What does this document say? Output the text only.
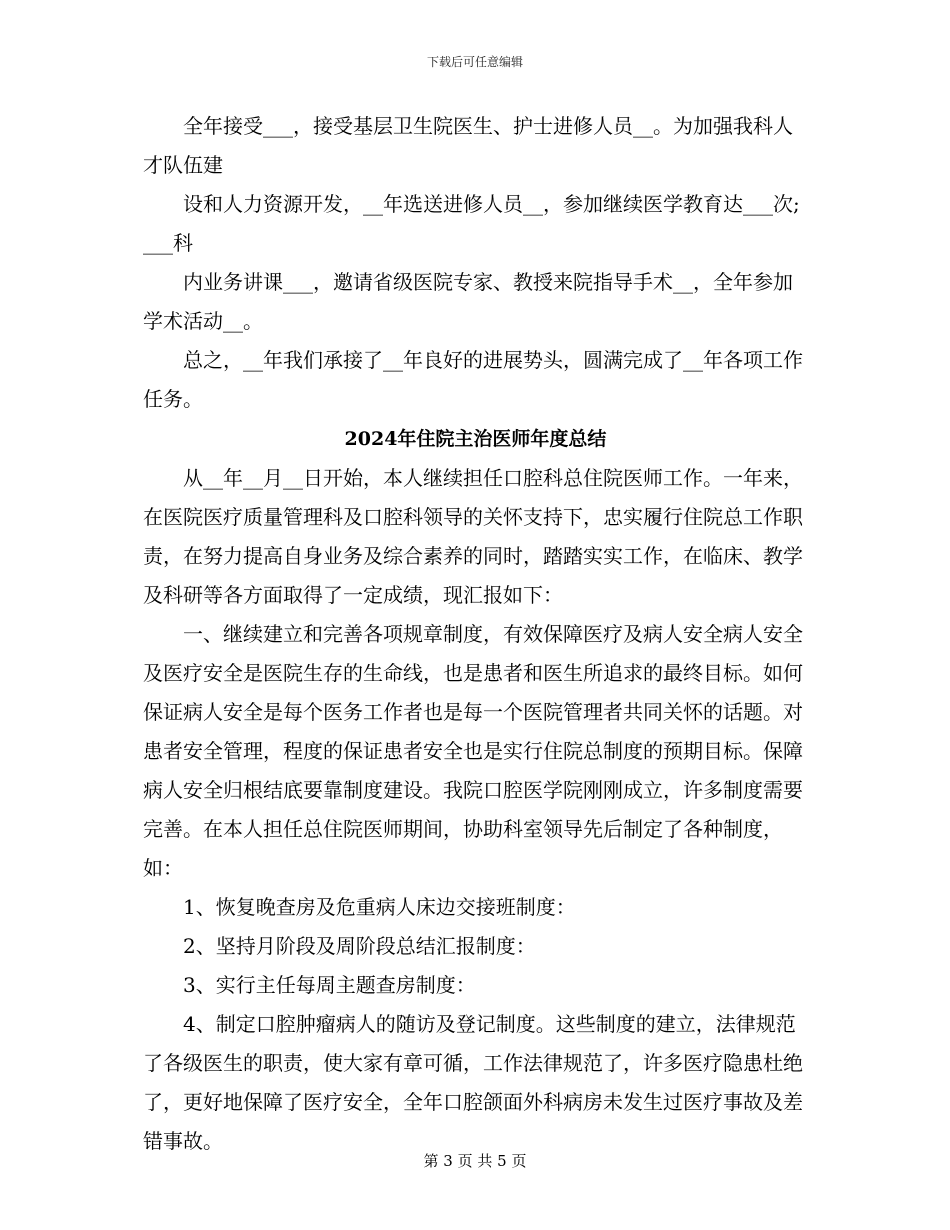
下载后可任意编辑

全年接受___，接受基层卫生院医生、护士进修人员__。为加强我科人才队伍建

设和人力资源开发，__年选送进修人员__，参加继续医学教育达___次;___科

内业务讲课___，邀请省级医院专家、教授来院指导手术__，全年参加学术活动__。

总之，__年我们承接了__年良好的进展势头，圆满完成了__年各项工作任务。

2024年住院主治医师年度总结

从__年__月__日开始，本人继续担任口腔科总住院医师工作。一年来，在医院医疗质量管理科及口腔科领导的关怀支持下，忠实履行住院总工作职责，在努力提高自身业务及综合素养的同时，踏踏实实工作，在临床、教学及科研等各方面取得了一定成绩，现汇报如下：

一、继续建立和完善各项规章制度，有效保障医疗及病人安全病人安全及医疗安全是医院生存的生命线，也是患者和医生所追求的最终目标。如何保证病人安全是每个医务工作者也是每一个医院管理者共同关怀的话题。对患者安全管理，程度的保证患者安全也是实行住院总制度的预期目标。保障病人安全归根结底要靠制度建设。我院口腔医学院刚刚成立，许多制度需要完善。在本人担任总住院医师期间，协助科室领导先后制定了各种制度，如：

1、恢复晚查房及危重病人床边交接班制度：

2、坚持月阶段及周阶段总结汇报制度：

3、实行主任每周主题查房制度：

4、制定口腔肿瘤病人的随访及登记制度。这些制度的建立，法律规范了各级医生的职责，使大家有章可循，工作法律规范了，许多医疗隐患杜绝了，更好地保障了医疗安全，全年口腔颌面外科病房未发生过医疗事故及差错事故。

第 3 页 共 5 页
